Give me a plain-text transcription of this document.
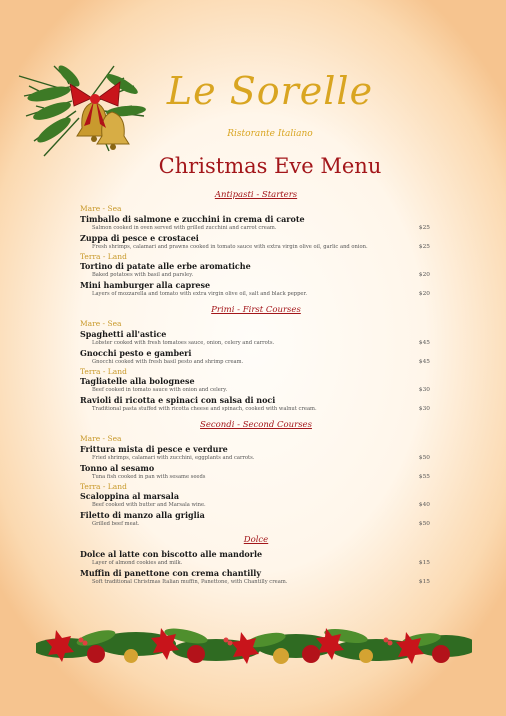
Le Sorelle
Ristorante Italiano
Christmas Eve Menu
Antipasti - Starters
Mare - Sea
Timballo di salmone e zucchini in crema di carote
Salmon cooked in oven served with grilled zucchini and carrot cream.	$25
Zuppa di pesce e crostacei
Fresh shrimps, calamari and prawns cooked in tomato sauce with extra virgin olive oil, garlic and onion.	$25
Terra - Land
Tortino di patate alle erbe aromatiche
Baked potatoes with basil and parsley.	$20
Mini hamburger alla caprese
Layers of mozzarella and tomato with extra virgin olive oil, salt and black pepper.	$20
Primi - First Courses
Mare - Sea
Spaghetti all'astice
Lobster cooked with fresh tomatoes sauce, onion, celery and carrots.	$45
Gnocchi pesto e gamberi
Gnocchi cooked with fresh basil pesto and shrimp cream.	$45
Terra - Land
Tagliatelle alla bolognese
Beef cooked in tomato sauce with onion and celery.	$30
Ravioli di ricotta e spinaci con salsa di noci
Traditional pasta stuffed with ricotta cheese and spinach, cooked with walnut cream.	$30
Secondi - Second Courses
Mare - Sea
Frittura mista di pesce e verdure
Fried shrimps, calamari with zucchini, eggplants and carrots.	$50
Tonno al sesamo
Tuna fish cooked in pan with sesame seeds	$55
Terra - Land
Scaloppina al marsala
Beef cooked with butter and Marsala wine.	$40
Filetto di manzo alla griglia
Grilled beef meat.	$50
Dolce
Dolce al latte con biscotto alle mandorle
Layer of almond cookies and milk.	$15
Muffin di panettone con crema chantilly
Soft traditional Christmas Italian muffin, Panettone, with Chantilly cream.	$15
